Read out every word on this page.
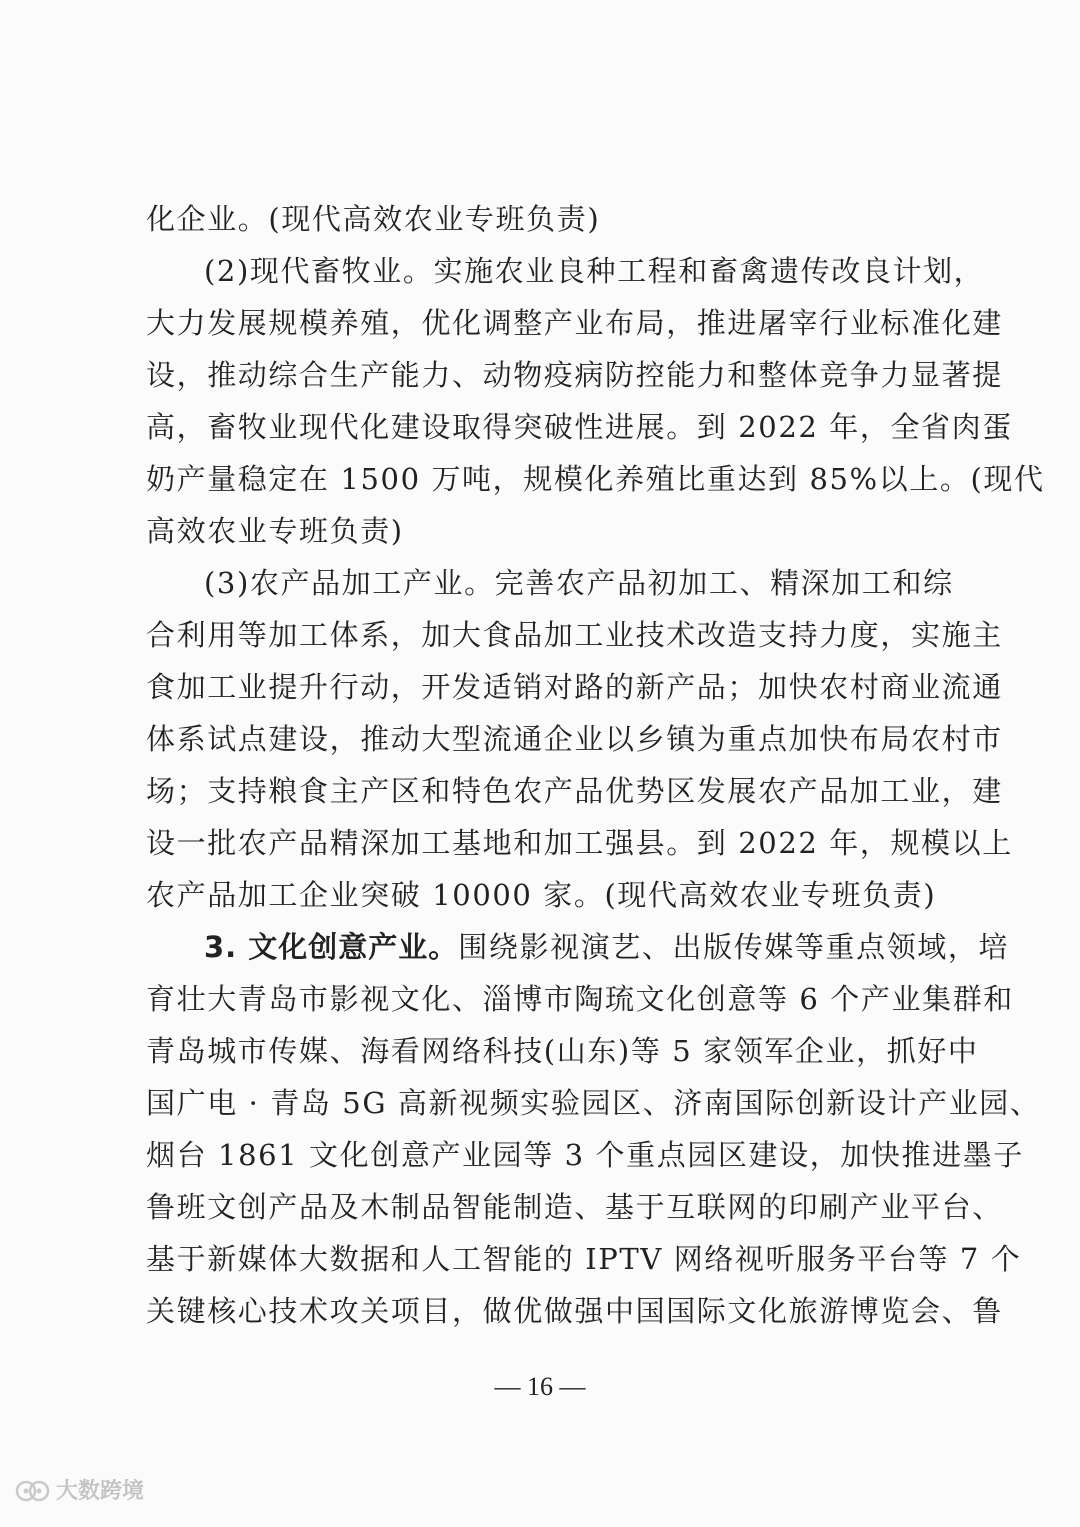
化企业。(现代高效农业专班负责)
(2)现代畜牧业。实施农业良种工程和畜禽遗传改良计划，
大力发展规模养殖，优化调整产业布局，推进屠宰行业标准化建
设，推动综合生产能力、动物疫病防控能力和整体竞争力显著提
高，畜牧业现代化建设取得突破性进展。到 2022 年，全省肉蛋
奶产量稳定在 1500 万吨，规模化养殖比重达到 85%以上。(现代
高效农业专班负责)
(3)农产品加工产业。完善农产品初加工、精深加工和综
合利用等加工体系，加大食品加工业技术改造支持力度，实施主
食加工业提升行动，开发适销对路的新产品；加快农村商业流通
体系试点建设，推动大型流通企业以乡镇为重点加快布局农村市
场；支持粮食主产区和特色农产品优势区发展农产品加工业，建
设一批农产品精深加工基地和加工强县。到 2022 年，规模以上
农产品加工企业突破 10000 家。(现代高效农业专班负责)
3. 文化创意产业。围绕影视演艺、出版传媒等重点领域，培
育壮大青岛市影视文化、淄博市陶琉文化创意等 6 个产业集群和
青岛城市传媒、海看网络科技(山东)等 5 家领军企业，抓好中
国广电 · 青岛 5G 高新视频实验园区、济南国际创新设计产业园、
烟台 1861 文化创意产业园等 3 个重点园区建设，加快推进墨子
鲁班文创产品及木制品智能制造、基于互联网的印刷产业平台、
基于新媒体大数据和人工智能的 IPTV 网络视听服务平台等 7 个
关键核心技术攻关项目，做优做强中国国际文化旅游博览会、鲁
— 16 —
大数跨境
